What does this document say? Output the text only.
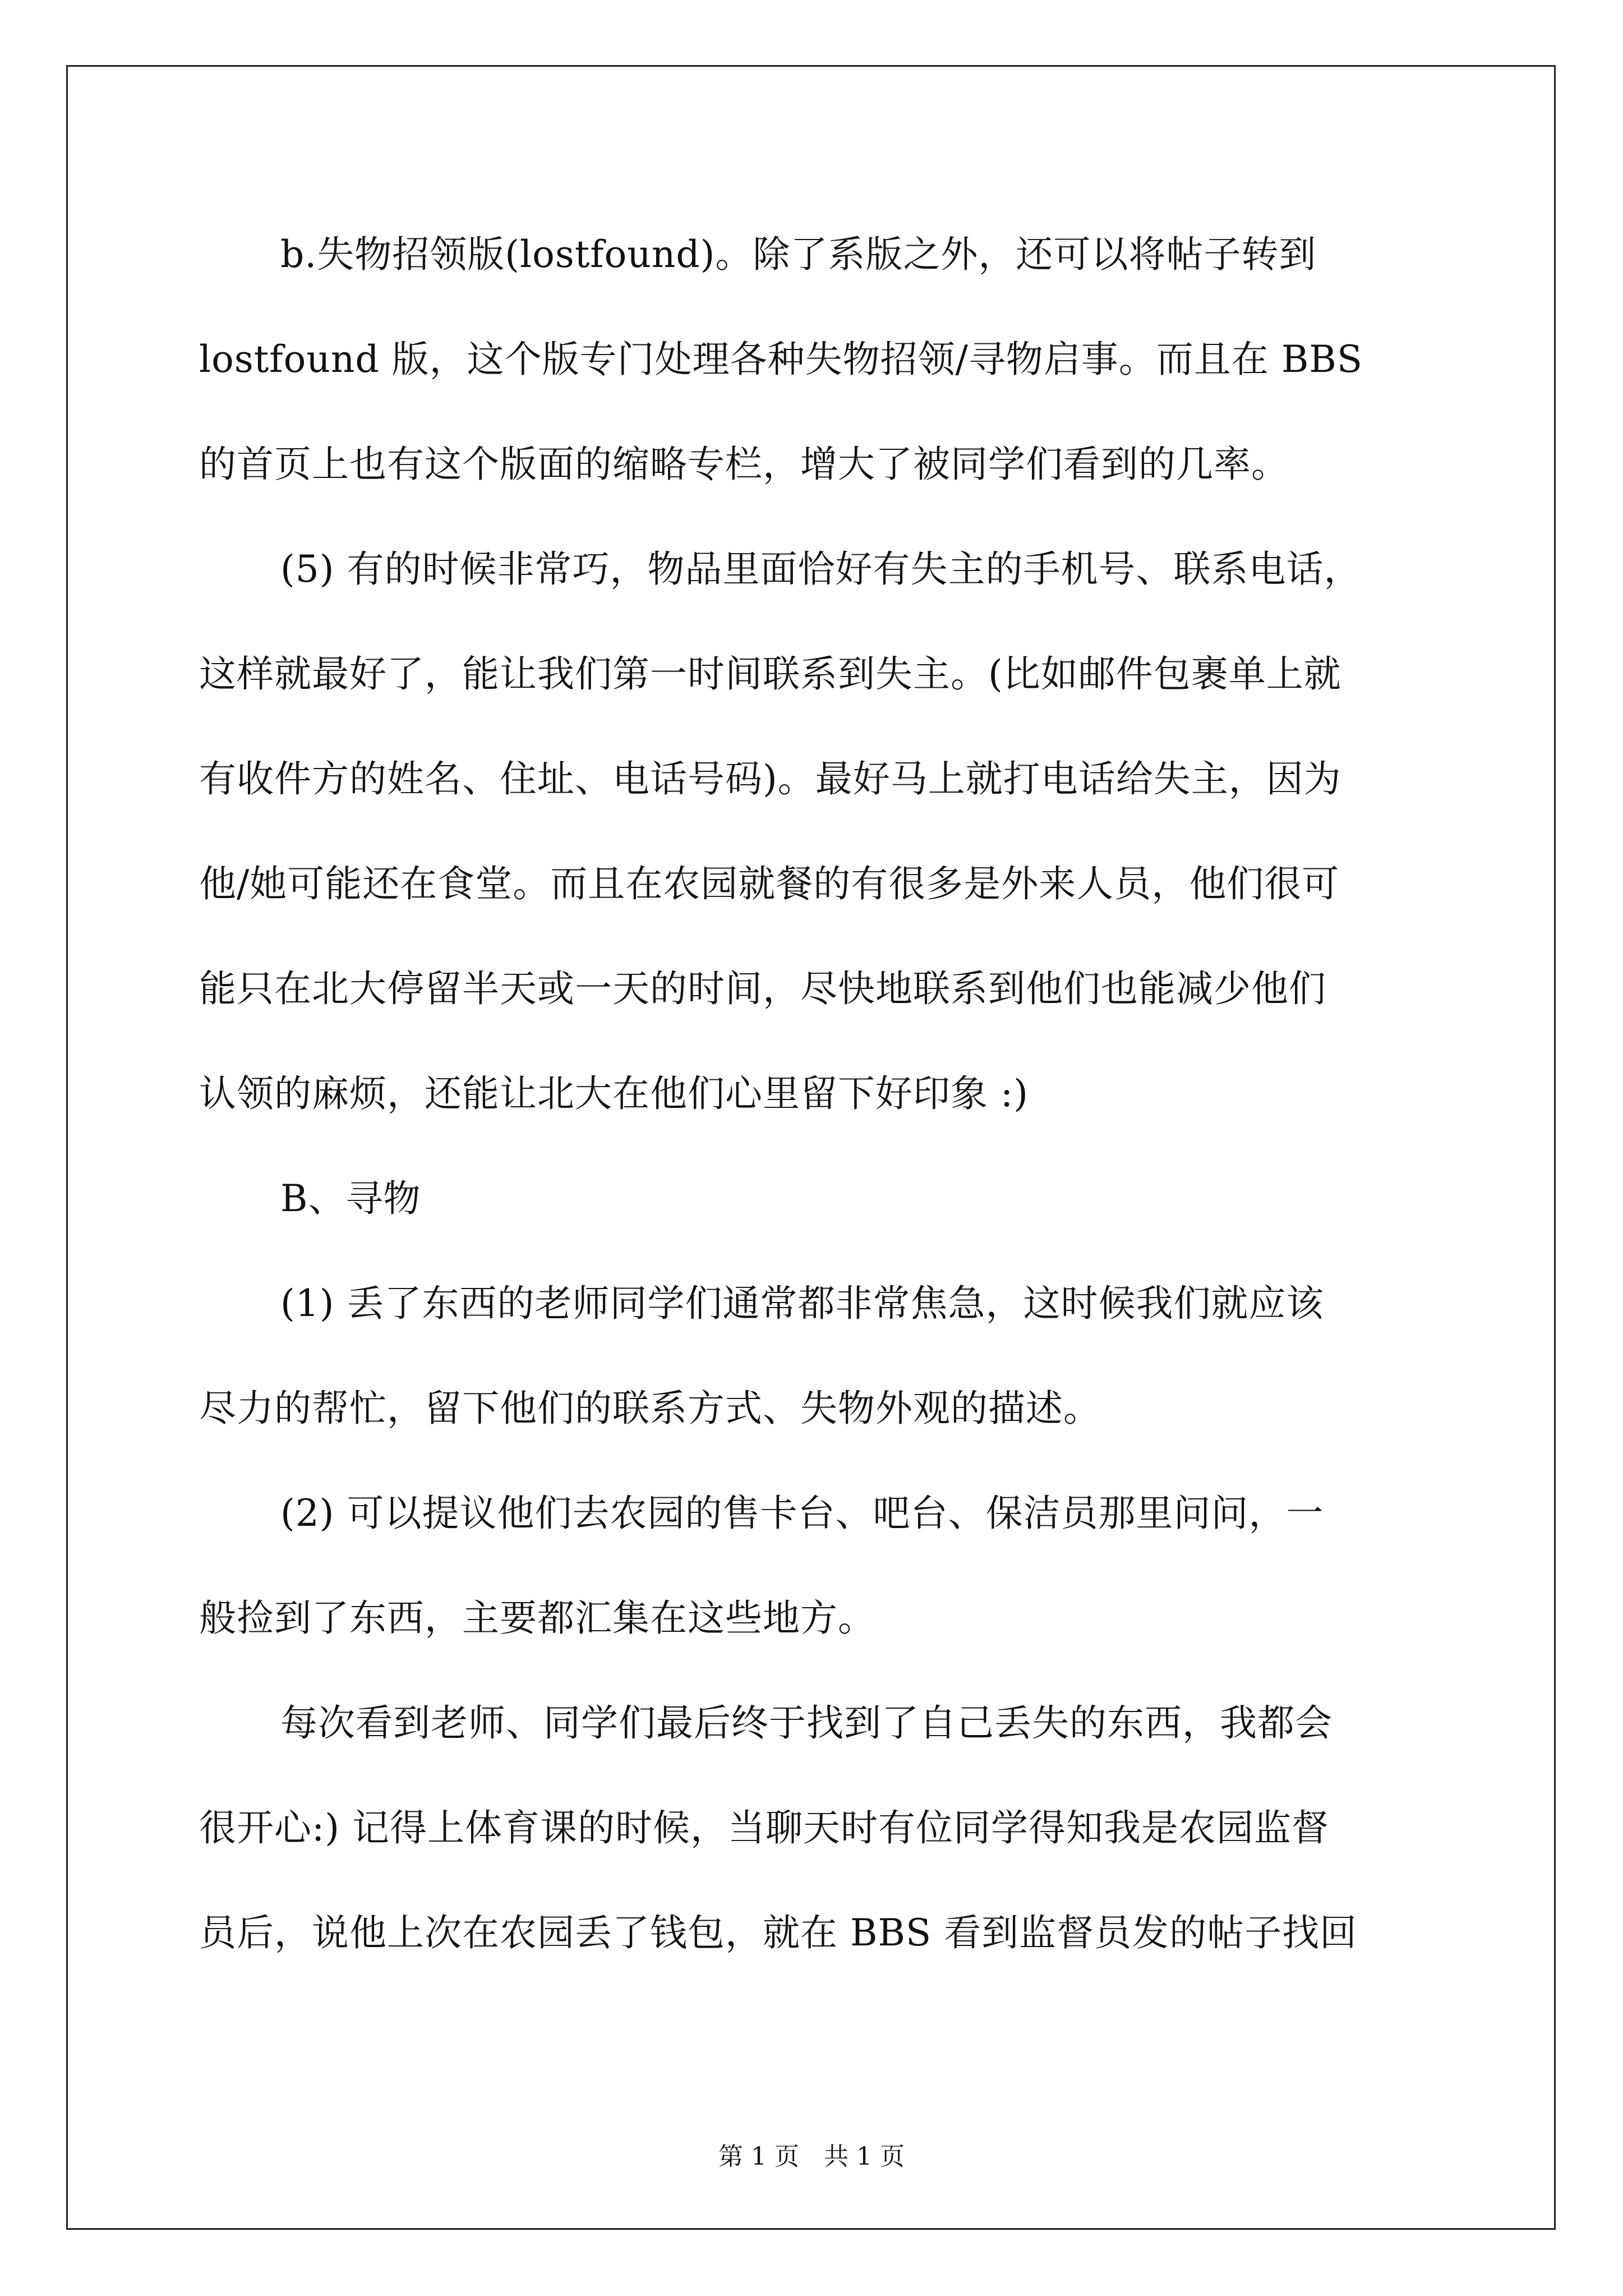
b.失物招领版(lostfound)。除了系版之外，还可以将帖子转到
lostfound 版，这个版专门处理各种失物招领/寻物启事。而且在 BBS
的首页上也有这个版面的缩略专栏，增大了被同学们看到的几率。
(5) 有的时候非常巧，物品里面恰好有失主的手机号、联系电话，
这样就最好了，能让我们第一时间联系到失主。(比如邮件包裹单上就
有收件方的姓名、住址、电话号码)。最好马上就打电话给失主，因为
他/她可能还在食堂。而且在农园就餐的有很多是外来人员，他们很可
能只在北大停留半天或一天的时间，尽快地联系到他们也能减少他们
认领的麻烦，还能让北大在他们心里留下好印象 :)
B、寻物
(1) 丢了东西的老师同学们通常都非常焦急，这时候我们就应该
尽力的帮忙，留下他们的联系方式、失物外观的描述。
(2) 可以提议他们去农园的售卡台、吧台、保洁员那里问问，一
般捡到了东西，主要都汇集在这些地方。
每次看到老师、同学们最后终于找到了自己丢失的东西，我都会
很开心:) 记得上体育课的时候，当聊天时有位同学得知我是农园监督
员后，说他上次在农园丢了钱包，就在 BBS 看到监督员发的帖子找回
第 1 页　共 1 页
